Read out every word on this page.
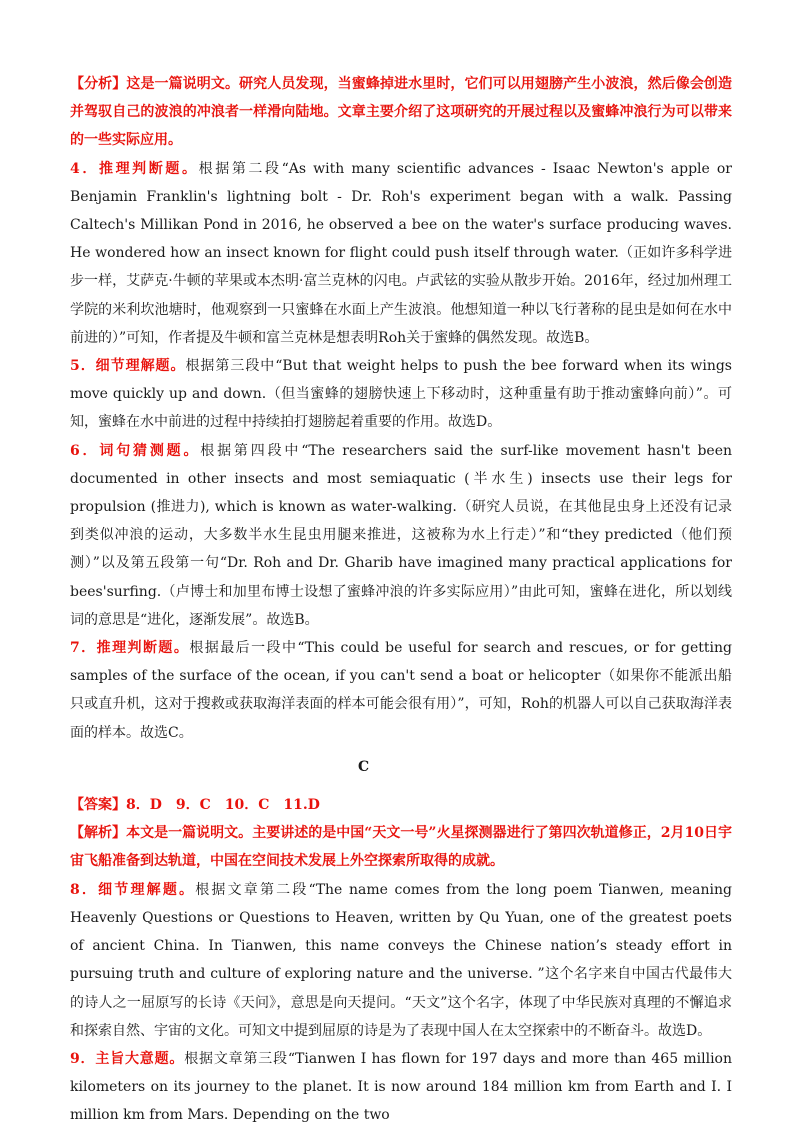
【分析】这是一篇说明文。研究人员发现，当蜜蜂掉进水里时，它们可以用翅膀产生小波浪，然后像会创造并驾驭自己的波浪的冲浪者一样滑向陆地。文章主要介绍了这项研究的开展过程以及蜜蜂冲浪行为可以带来的一些实际应用。

4．推理判断题。根据第二段“As with many scientific advances - Isaac Newton's apple or Benjamin Franklin's lightning bolt - Dr. Roh's experiment began with a walk. Passing Caltech's Millikan Pond in 2016, he observed a bee on the water's surface producing waves. He wondered how an insect known for flight could push itself through water.（正如许多科学进步一样，艾萨克·牛顿的苹果或本杰明·富兰克林的闪电。卢武铉的实验从散步开始。2016年，经过加州理工学院的米利坎池塘时，他观察到一只蜜蜂在水面上产生波浪。他想知道一种以飞行著称的昆虫是如何在水中前进的）”可知，作者提及牛顿和富兰克林是想表明Roh关于蜜蜂的偶然发现。故选B。

5．细节理解题。根据第三段中“But that weight helps to push the bee forward when its wings move quickly up and down.（但当蜜蜂的翅膀快速上下移动时，这种重量有助于推动蜜蜂向前）”。可知，蜜蜂在水中前进的过程中持续拍打翅膀起着重要的作用。故选D。

6．词句猜测题。根据第四段中“The researchers said the surf-like movement hasn't been documented in other insects and most semiaquatic (半水生) insects use their legs for propulsion (推进力), which is known as water-walking.（研究人员说，在其他昆虫身上还没有记录到类似冲浪的运动，大多数半水生昆虫用腿来推进，这被称为水上行走）”和“they predicted（他们预测）”以及第五段第一句“Dr. Roh and Dr. Gharib have imagined many practical applications for bees'surfing.（卢博士和加里布博士设想了蜜蜂冲浪的许多实际应用）”由此可知，蜜蜂在进化，所以划线词的意思是“进化，逐渐发展”。故选B。

7．推理判断题。根据最后一段中“This could be useful for search and rescues, or for getting samples of the surface of the ocean, if you can't send a boat or helicopter（如果你不能派出船只或直升机，这对于搜救或获取海洋表面的样本可能会很有用）”，可知，Roh的机器人可以自己获取海洋表面的样本。故选C。

C

【答案】8．D　9．C　10．C　11.D

【解析】本文是一篇说明文。主要讲述的是中国“天文一号”火星探测器进行了第四次轨道修正，2月10日宇宙飞船准备到达轨道，中国在空间技术发展上外空探索所取得的成就。

8．细节理解题。根据文章第二段“The name comes from the long poem Tianwen, meaning Heavenly Questions or Questions to Heaven, written by Qu Yuan, one of the greatest poets of ancient China. In Tianwen, this name conveys the Chinese nation’s steady effort in pursuing truth and culture of exploring nature and the universe. ”这个名字来自中国古代最伟大的诗人之一屈原写的长诗《天问》，意思是向天提问。“天文”这个名字，体现了中华民族对真理的不懈追求和探索自然、宇宙的文化。可知文中提到屈原的诗是为了表现中国人在太空探索中的不断奋斗。故选D。

9．主旨大意题。根据文章第三段“Tianwen I has flown for 197 days and more than 465 million kilometers on its journey to the planet. It is now around 184 million km from Earth and I. I million km from Mars. Depending on the two
